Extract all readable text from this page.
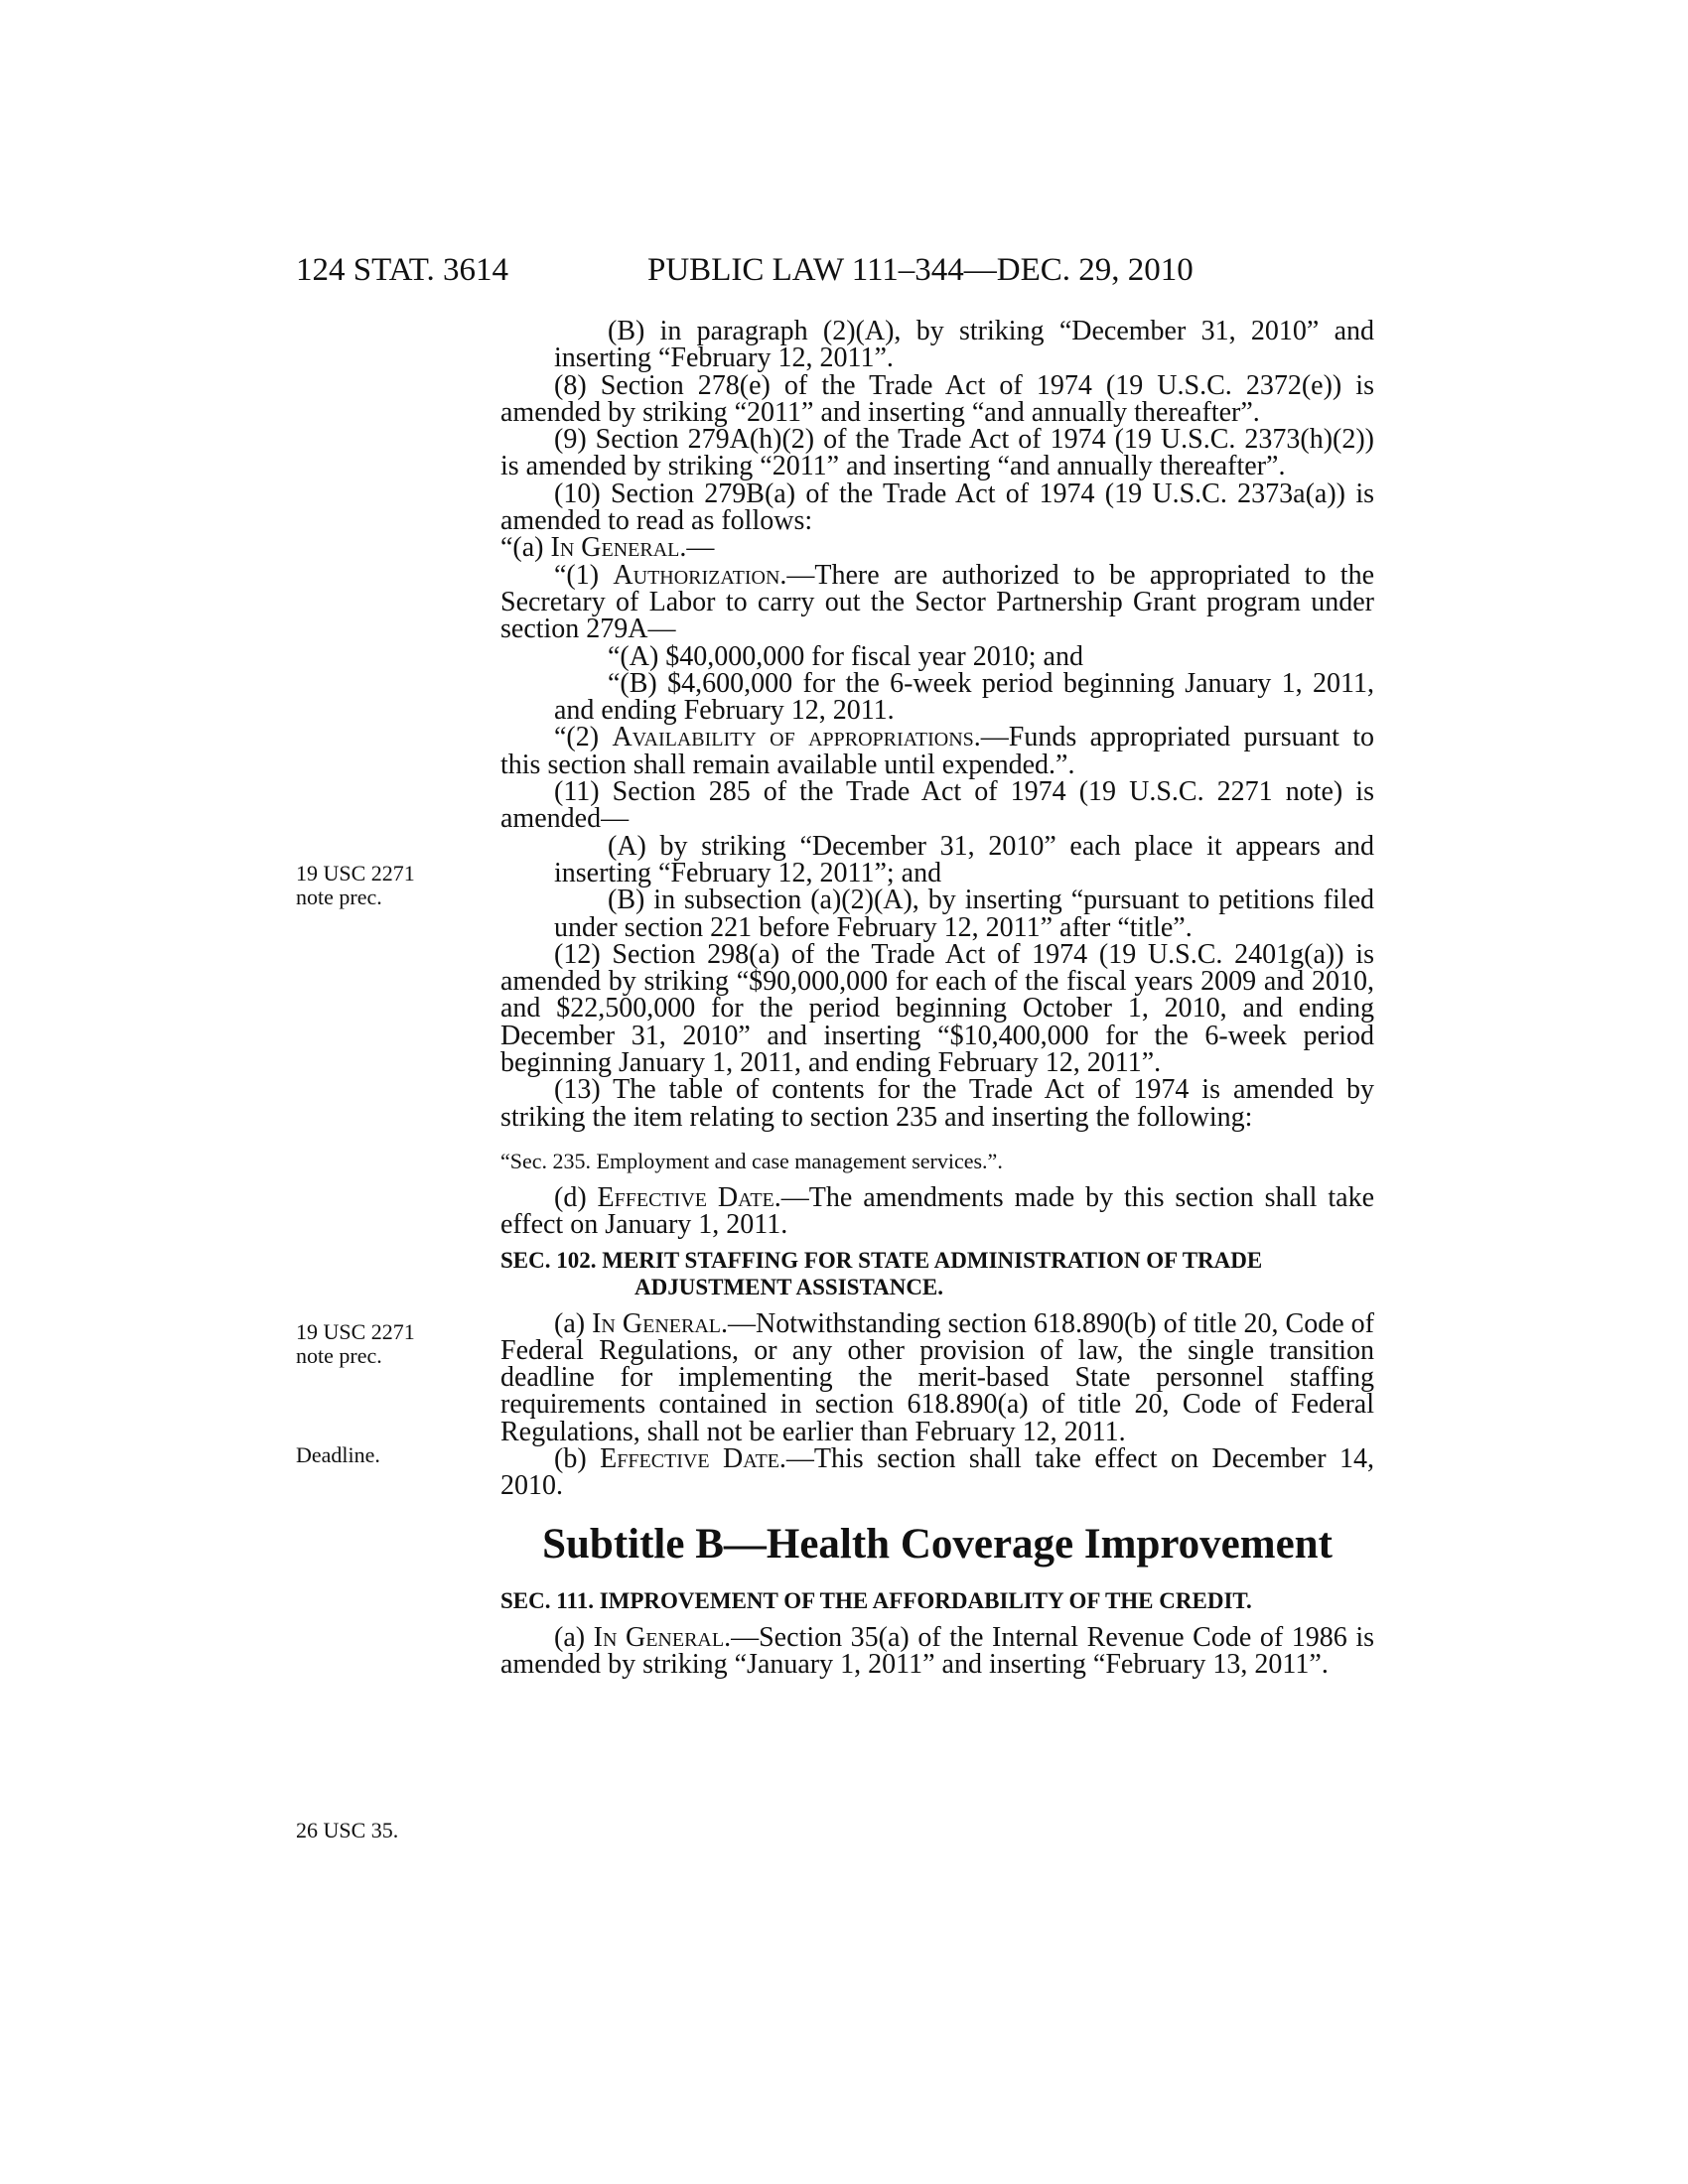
124 STAT. 3614	PUBLIC LAW 111–344—DEC. 29, 2010
19 USC 2271
note prec.
19 USC 2271
note prec.
Deadline.
26 USC 35.

(B) in paragraph (2)(A), by striking “December 31, 2010” and inserting “February 12, 2011”.

(8) Section 278(e) of the Trade Act of 1974 (19 U.S.C. 2372(e)) is amended by striking “2011” and inserting “and annually thereafter”.

(9) Section 279A(h)(2) of the Trade Act of 1974 (19 U.S.C. 2373(h)(2)) is amended by striking “2011” and inserting “and annually thereafter”.

(10) Section 279B(a) of the Trade Act of 1974 (19 U.S.C. 2373a(a)) is amended to read as follows:

“(a) In General.—

“(1) Authorization.—There are authorized to be appropriated to the Secretary of Labor to carry out the Sector Partnership Grant program under section 279A—

“(A) $40,000,000 for fiscal year 2010; and

“(B) $4,600,000 for the 6-week period beginning January 1, 2011, and ending February 12, 2011.

“(2) Availability of appropriations.—Funds appropriated pursuant to this section shall remain available until expended.”.

(11) Section 285 of the Trade Act of 1974 (19 U.S.C. 2271 note) is amended—

(A) by striking “December 31, 2010” each place it appears and inserting “February 12, 2011”; and

(B) in subsection (a)(2)(A), by inserting “pursuant to petitions filed under section 221 before February 12, 2011” after “title”.

(12) Section 298(a) of the Trade Act of 1974 (19 U.S.C. 2401g(a)) is amended by striking “$90,000,000 for each of the fiscal years 2009 and 2010, and $22,500,000 for the period beginning October 1, 2010, and ending December 31, 2010” and inserting “$10,400,000 for the 6-week period beginning January 1, 2011, and ending February 12, 2011”.

(13) The table of contents for the Trade Act of 1974 is amended by striking the item relating to section 235 and inserting the following:

“Sec. 235. Employment and case management services.”.

(d) Effective Date.—The amendments made by this section shall take effect on January 1, 2011.

SEC. 102. MERIT STAFFING FOR STATE ADMINISTRATION OF TRADE
ADJUSTMENT ASSISTANCE.

(a) In General.—Notwithstanding section 618.890(b) of title 20, Code of Federal Regulations, or any other provision of law, the single transition deadline for implementing the merit-based State personnel staffing requirements contained in section 618.890(a) of title 20, Code of Federal Regulations, shall not be earlier than February 12, 2011.

(b) Effective Date.—This section shall take effect on December 14, 2010.

Subtitle B—Health Coverage Improvement

SEC. 111. IMPROVEMENT OF THE AFFORDABILITY OF THE CREDIT.

(a) In General.—Section 35(a) of the Internal Revenue Code of 1986 is amended by striking “January 1, 2011” and inserting “February 13, 2011”.
